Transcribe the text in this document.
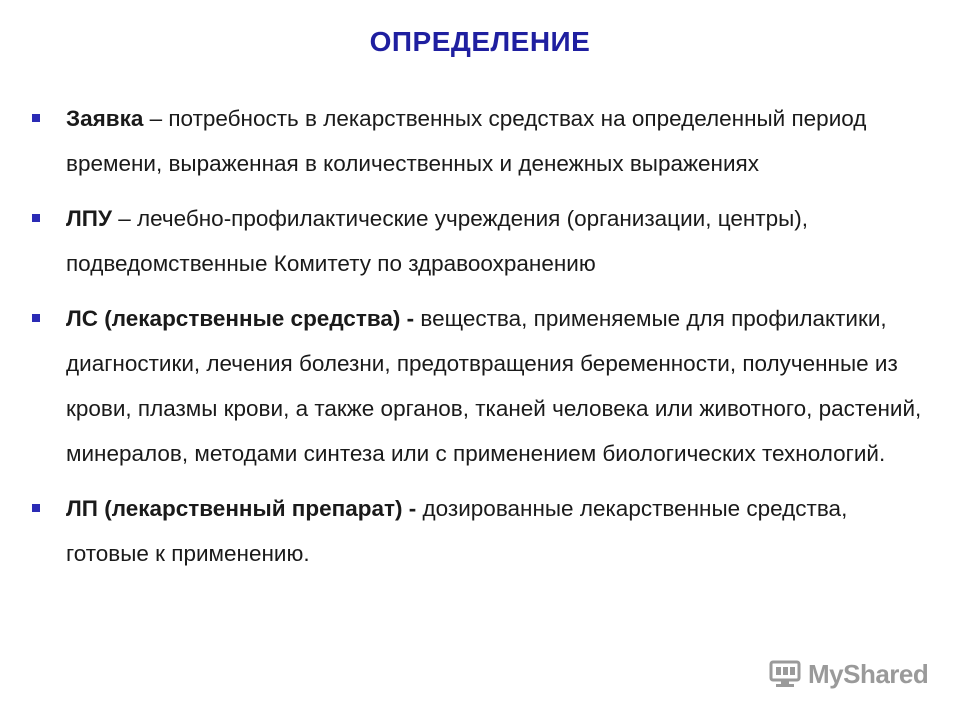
ОПРЕДЕЛЕНИЕ
Заявка – потребность в лекарственных средствах на определенный период времени, выраженная в количественных и денежных выражениях
ЛПУ – лечебно-профилактические учреждения (организации, центры), подведомственные Комитету по здравоохранению
ЛС (лекарственные средства) - вещества, применяемые для профилактики, диагностики, лечения болезни, предотвращения беременности, полученные из крови, плазмы крови, а также органов, тканей человека или животного, растений, минералов, методами синтеза или с применением биологических технологий.
ЛП (лекарственный препарат) - дозированные лекарственные средства, готовые к применению.
MyShared
